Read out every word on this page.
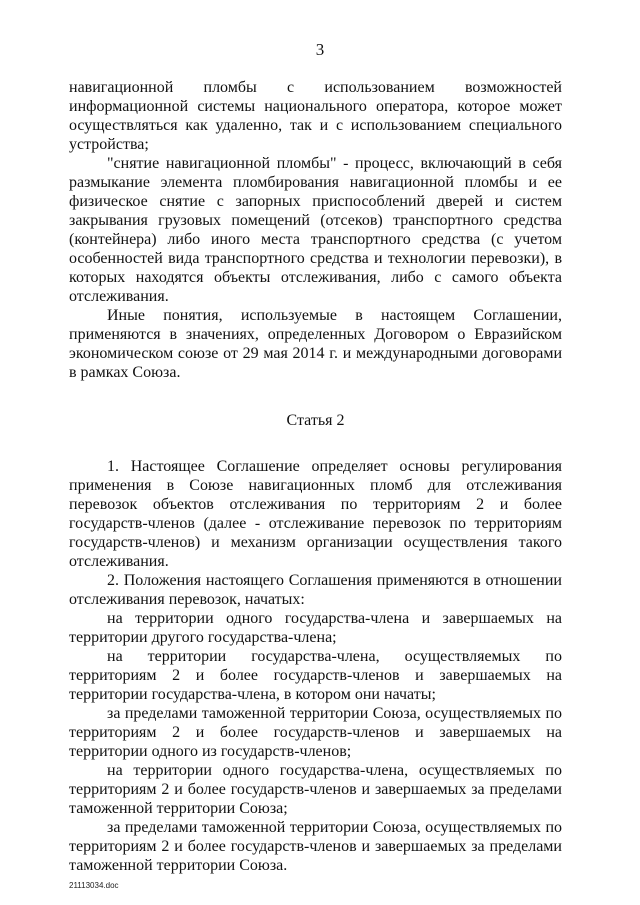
3

навигационной пломбы с использованием возможностей информационной системы национального оператора, которое может осуществляться как удаленно, так и с использованием специального устройства;

"снятие навигационной пломбы" - процесс, включающий в себя размыкание элемента пломбирования навигационной пломбы и ее физическое снятие с запорных приспособлений дверей и систем закрывания грузовых помещений (отсеков) транспортного средства (контейнера) либо иного места транспортного средства (с учетом особенностей вида транспортного средства и технологии перевозки), в которых находятся объекты отслеживания, либо с самого объекта отслеживания.

Иные понятия, используемые в настоящем Соглашении, применяются в значениях, определенных Договором о Евразийском экономическом союзе от 29 мая 2014 г. и международными договорами в рамках Союза.

Статья 2

1. Настоящее Соглашение определяет основы регулирования применения в Союзе навигационных пломб для отслеживания перевозок объектов отслеживания по территориям 2 и более государств-членов (далее - отслеживание перевозок по территориям государств-членов) и механизм организации осуществления такого отслеживания.

2. Положения настоящего Соглашения применяются в отношении отслеживания перевозок, начатых:

на территории одного государства-члена и завершаемых на территории другого государства-члена;

на территории государства-члена, осуществляемых по территориям 2 и более государств-членов и завершаемых на территории государства-члена, в котором они начаты;

за пределами таможенной территории Союза, осуществляемых по территориям 2 и более государств-членов и завершаемых на территории одного из государств-членов;

на территории одного государства-члена, осуществляемых по территориям 2 и более государств-членов и завершаемых за пределами таможенной территории Союза;

за пределами таможенной территории Союза, осуществляемых по территориям 2 и более государств-членов и завершаемых за пределами таможенной территории Союза.

21113034.doc
